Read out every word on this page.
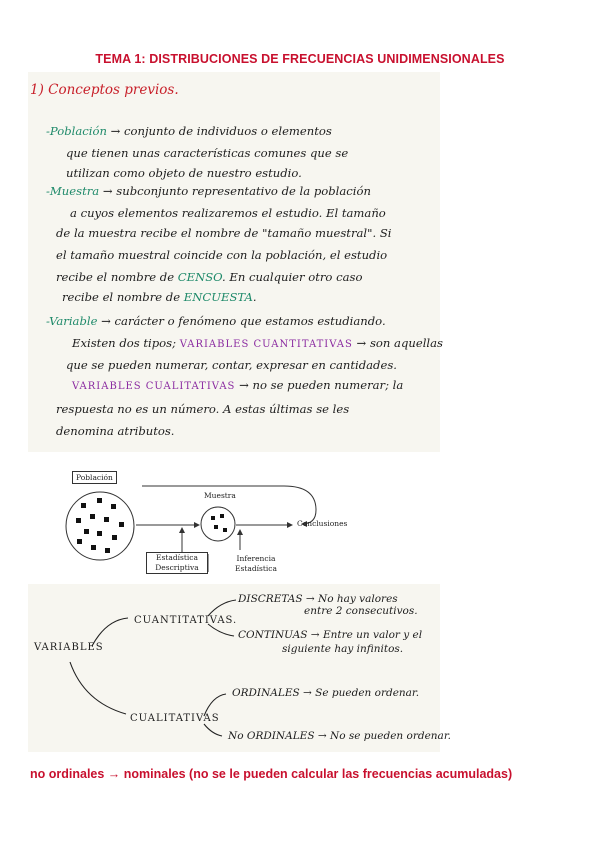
TEMA 1: DISTRIBUCIONES DE FRECUENCIAS UNIDIMENSIONALES
1) Conceptos previos.
-Población → conjunto de individuos o elementos
que tienen unas características comunes que se
utilizan como objeto de nuestro estudio.
-Muestra → subconjunto representativo de la población
a cuyos elementos realizaremos el estudio. El tamaño
de la muestra recibe el nombre de "tamaño muestral". Si
el tamaño muestral coincide con la población, el estudio
recibe el nombre de CENSO. En cualquier otro caso
recibe el nombre de ENCUESTA.
-Variable → carácter o fenómeno que estamos estudiando.
Existen dos tipos; VARIABLES CUANTITATIVAS → son aquellas
que se pueden numerar, contar, expresar en cantidades.
VARIABLES CUALITATIVAS → no se pueden numerar; la
respuesta no es un número. A estas últimas se les
denomina atributos.
Población
Muestra
Conclusiones
Estadística
Descriptiva
Inferencia
Estadística
VARIABLES
CUANTITATIVAS.
DISCRETAS → No hay valores
entre 2 consecutivos.
CONTINUAS → Entre un valor y el
siguiente hay infinitos.
CUALITATIVAS
ORDINALES → Se pueden ordenar.
No ORDINALES → No se pueden ordenar.
no ordinales → nominales (no se le pueden calcular las frecuencias acumuladas)
